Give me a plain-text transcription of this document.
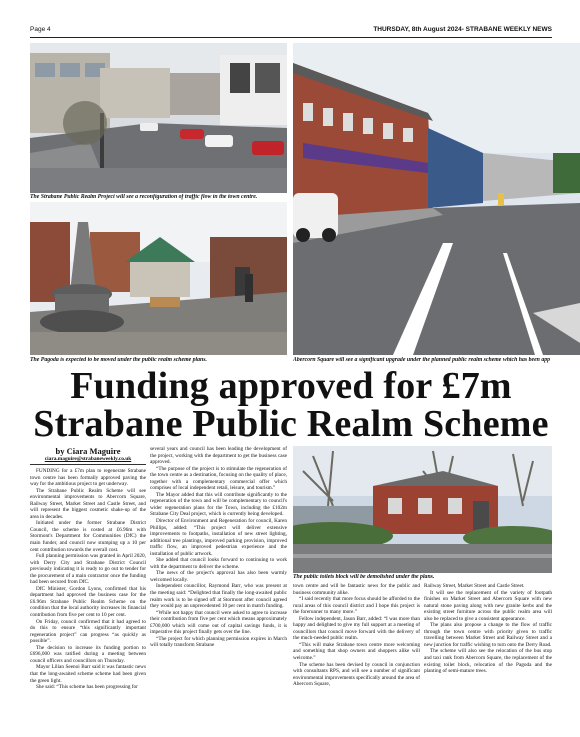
Page 4	THURSDAY, 8th August 2024- STRABANE WEEKLY NEWS
The Strabane Public Realm Project will see a reconfiguration of traffic flow in the town centre.
Abercorn Square will see a significant upgrade under the planned public realm scheme which has been app
The Pagoda is expected to be moved under the public realm scheme plans.
Funding approved for £7m
Strabane Public Realm Scheme
The public toilets block will be demolished under the plans.
by Ciara Maguire
ciara.maguire@strabaneweekly.co.uk

FUNDING for a £7m plan to regenerate Strabane town centre has been formally approved paving the way for the ambitious project to get underway.

The Strabane Public Realm Scheme will see environmental improvements to Abercorn Square, Railway Street, Market Street and Castle Street, and will represent the biggest cosmetic shake-up of the area in decades.

Initiated under the former Strabane District Council, the scheme is costed at £6.96m with Stormont's Department for Communities (DfC) the main funder, and council now stumping up a 10 per cent contribution towards the overall cost.

Full planning permission was granted in April 2020, with Derry City and Strabane District Council previously indicating it is ready to go out to tender for the procurement of a main contractor once the funding had been secured from DfC.

DfC Minister, Gordon Lyons, confirmed that his department had approved the business case for the £6.96m Strabane Public Realm Scheme on the condition that the local authority increases its financial contribution from five per cent to 10 per cent.

On Friday, council confirmed that it had agreed to do this to ensure “this significantly important regeneration project” can progress “as quickly as possible”.

The decision to increase its funding portion to £696,000 was ratified during a meeting between council officers and councillors on Thursday.

Mayor Lilian Seenoi Barr said it was fantastic news that the long-awaited scheme scheme had been given the green light.

She said: “This scheme has been progressing for

several years and council has been leading the development of the project, working with the department to get the business case approved.

“The purpose of the project is to stimulate the regeneration of the town centre as a destination, focusing on the quality of place, together with a complementary commercial offer which comprises of local independent retail, leisure, and tourism.”

The Mayor added that this will contribute significantly to the regeneration of the town and will be complementary to council's wider regeneration plans for the Town, including the £102m Strabane City Deal project, which is currently being developed.

Director of Environment and Regeneration for council, Karen Phillips, added: “This project will deliver extensive improvements to footpaths, installation of new street lighting, additional tree plantings, improved parking provision, improved traffic flow, an improved pedestrian experience and the installation of public artwork.

She added that council looks forward to continuing to work with the department to deliver the scheme.

The news of the project's approval has also been warmly welcomed locally.

Independent councillor, Raymond Barr, who was present at the meeting said: “Delighted that finally the long-awaited public realm work is to be signed off at Stormont after council agreed they would pay an unprecedented 10 per cent in match funding.

“While not happy that council were asked to agree to increase their contribution from five per cent which means approximately £700,000 which will come out of capital savings funds, it is imperative this project finally gets over the line.

“The project for which planning permission expires in March will totally transform Strabane

town centre and will be fantastic news for the public and business community alike.

“I said recently that more focus should be afforded to the rural areas of this council district and I hope this project is the forerunner to many more.”

Fellow independent, Jason Barr, added: “I was more than happy and delighted to give my full support at a meeting of councillors that council move forward with the delivery of the much-needed public realm.

“This will make Strabane town centre more welcoming and something that shop owners and shoppers alike will welcome.”

The scheme has been devised by council in conjunction with consultants RPS, and will see a number of significant environmental improvements specifically around the area of Abercorn Square,

Railway Street, Market Street and Castle Street.

It will see the replacement of the variety of footpath finishes on Market Street and Abercorn Square with new natural stone paving along with new granite kerbs and the existing street furniture across the public realm area will also be replaced to give a consistent appearance.

The plans also propose a change to the flow of traffic through the town centre with priority given to traffic travelling between Market Street and Railway Street and a new junction for traffic wishing to turn onto the Derry Road.

The scheme will also see the relocation of the bus stop and taxi rank from Abercorn Square, the replacement of the existing toilet block, relocation of the Pagoda and the planting of semi-mature trees.
